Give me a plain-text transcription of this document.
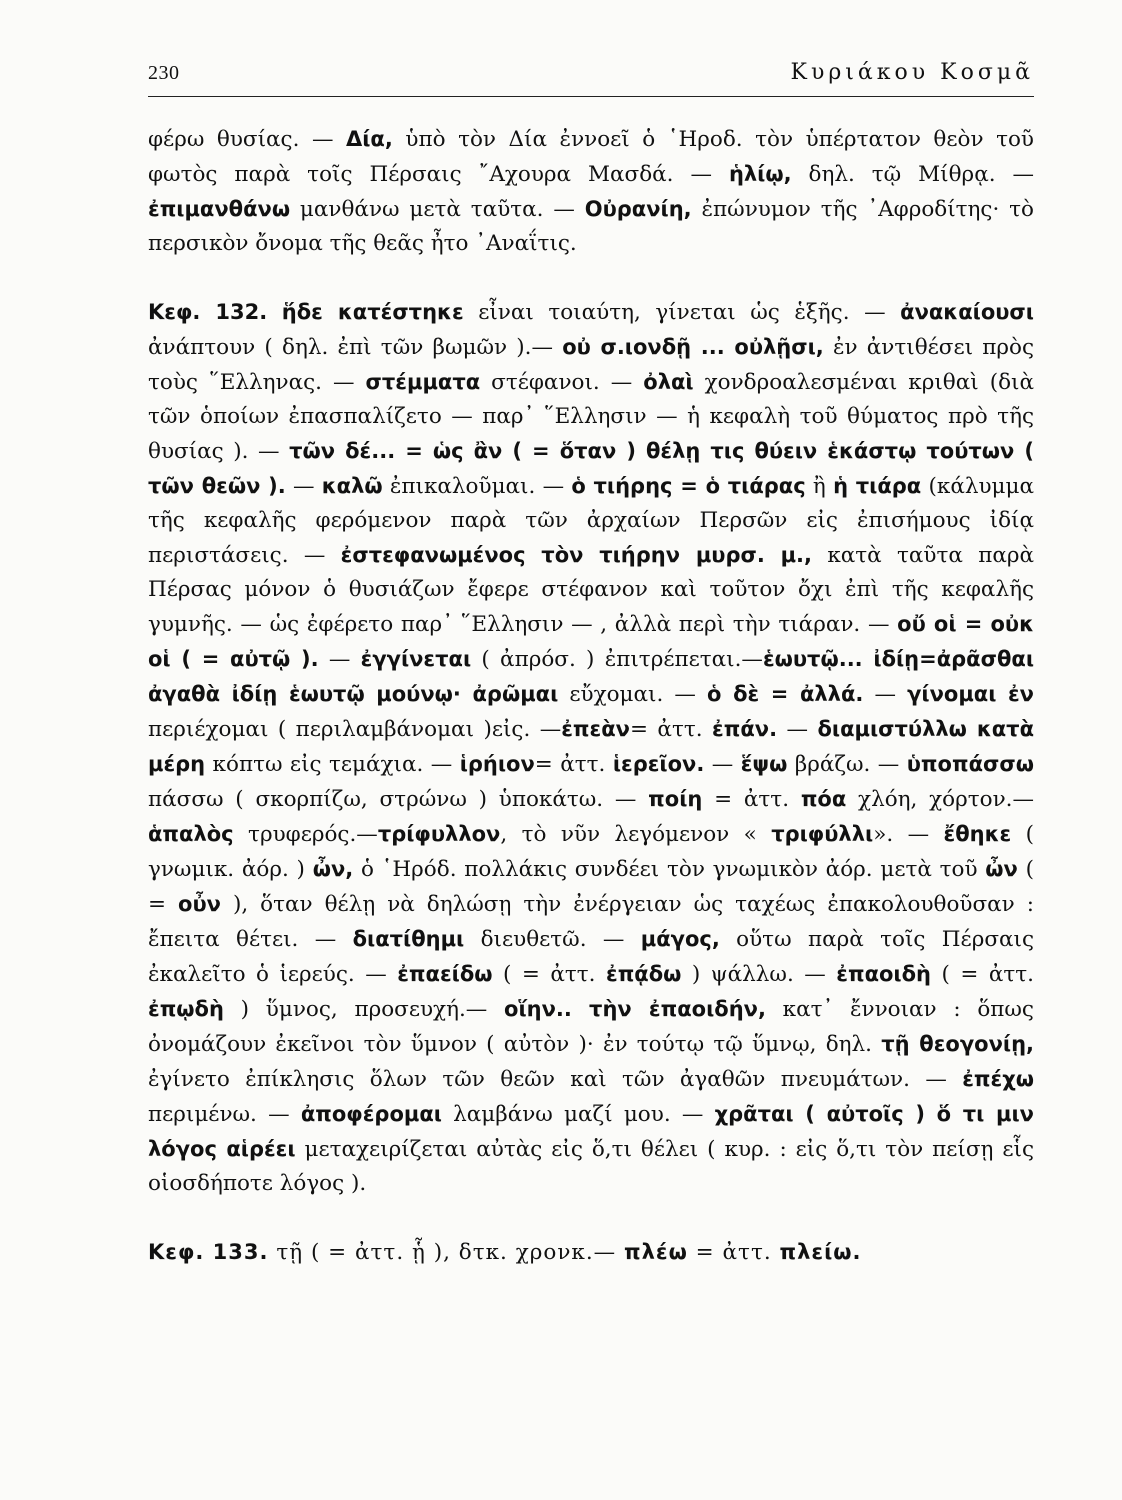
230	Κυριάκου Κοσμᾶ

φέρω θυσίας. — Δία, ὑπὸ τὸν Δία ἐννοεῖ ὁ ῾Ηροδ. τὸν ὑπέρτατον θεὸν τοῦ φωτὸς παρὰ τοῖς Πέρσαις ῎Αχουρα Μασδά. — ἡλίῳ, δηλ. τῷ Μίθρᾳ. — ἐπιμανθάνω μανθάνω μετὰ ταῦτα. — Οὐρανίη, ἐπώνυμον τῆς ᾿Αφροδίτης· τὸ περσικὸν ὄνομα τῆς θεᾶς ἦτο ᾿Αναΐτις.

Κεφ. 132. ἥδε κατέστηκε εἶναι τοιαύτη, γίνεται ὡς ἑξῆς. — ἀνακαίουσι ἀνάπτουν ( δηλ. ἐπὶ τῶν βωμῶν ).— οὐ σ.ιονδῇ ... οὐλῇσι, ἐν ἀντιθέσει πρὸς τοὺς ῞Ελληνας. — στέμματα στέφανοι. — ὀλαὶ χονδροαλεσμέναι κριθαὶ (διὰ τῶν ὁποίων ἐπασπαλίζετο — παρ᾿ ῞Ελλησιν — ἡ κεφαλὴ τοῦ θύματος πρὸ τῆς θυσίας ). — τῶν δέ... = ὡς ἂν ( = ὅταν ) θέλῃ τις θύειν ἑκάστῳ τούτων ( τῶν θεῶν ). — καλῶ ἐπικαλοῦμαι. — ὁ τιήρης = ὁ τιάρας ἢ ἡ τιάρα (κάλυμμα τῆς κεφαλῆς φερόμενον παρὰ τῶν ἀρχαίων Περσῶν εἰς ἐπισήμους ἰδίᾳ περιστάσεις. — ἐστεφανωμένος τὸν τιήρην μυρσ. μ., κατὰ ταῦτα παρὰ Πέρσας μόνον ὁ θυσιάζων ἔφερε στέφανον καὶ τοῦτον ὄχι ἐπὶ τῆς κεφαλῆς γυμνῆς. — ὡς ἐφέρετο παρ᾿ ῞Ελλησιν — , ἀλλὰ περὶ τὴν τιάραν. — οὔ οἱ = οὐκ οἱ ( = αὐτῷ ). — ἐγγίνεται ( ἀπρόσ. ) ἐπιτρέπεται.—ἑωυτῷ... ἰδίῃ=ἀρᾶσθαι ἀγαθὰ ἰδίῃ ἑωυτῷ μούνῳ· ἀρῶμαι εὔχομαι. — ὁ δὲ = ἀλλά. — γίνομαι ἐν περιέχομαι ( περιλαμβάνομαι )εἰς. —ἐπεὰν= ἀττ. ἐπάν. — διαμιστύλλω κατὰ μέρη κόπτω εἰς τεμάχια. — ἱρήιον= ἀττ. ἱερεῖον. — ἕψω βράζω. — ὑποπάσσω πάσσω ( σκορπίζω, στρώνω ) ὑποκάτω. — ποίη = ἀττ. πόα χλόη, χόρτον.— ἁπαλὸς τρυφερός.—τρίφυλλον, τὸ νῦν λεγόμενον « τριφύλλι». — ἔθηκε ( γνωμικ. ἀόρ. ) ὦν, ὁ ῾Ηρόδ. πολλάκις συνδέει τὸν γνωμικὸν ἀόρ. μετὰ τοῦ ὦν ( = οὖν ), ὅταν θέλῃ νὰ δηλώσῃ τὴν ἐνέργειαν ὡς ταχέως ἐπακολουθοῦσαν : ἔπειτα θέτει. — διατίθημι διευθετῶ. — μάγος, οὕτω παρὰ τοῖς Πέρσαις ἐκαλεῖτο ὁ ἱερεύς. — ἐπαείδω ( = ἀττ. ἐπᾴδω ) ψάλλω. — ἐπαοιδὴ ( = ἀττ. ἐπῳδὴ ) ὕμνος, προσευχή.— οἵην.. τὴν ἐπαοιδήν, κατ᾿ ἔννοιαν : ὅπως ὀνομάζουν ἐκεῖνοι τὸν ὕμνον ( αὐτὸν )· ἐν τούτῳ τῷ ὕμνῳ, δηλ. τῇ θεογονίῃ, ἐγίνετο ἐπίκλησις ὅλων τῶν θεῶν καὶ τῶν ἀγαθῶν πνευμάτων. — ἐπέχω περιμένω. — ἀποφέρομαι λαμβάνω μαζί μου. — χρᾶται ( αὐτοῖς ) ὅ τι μιν λόγος αἱρέει μεταχειρίζεται αὐτὰς εἰς ὅ,τι θέλει ( κυρ. : εἰς ὅ,τι τὸν πείσῃ εἷς οἱοσδήποτε λόγος ).

Κεφ. 133. τῇ ( = ἀττ. ᾗ ), δτκ. χρονκ.— πλέω = ἀττ. πλείω.
